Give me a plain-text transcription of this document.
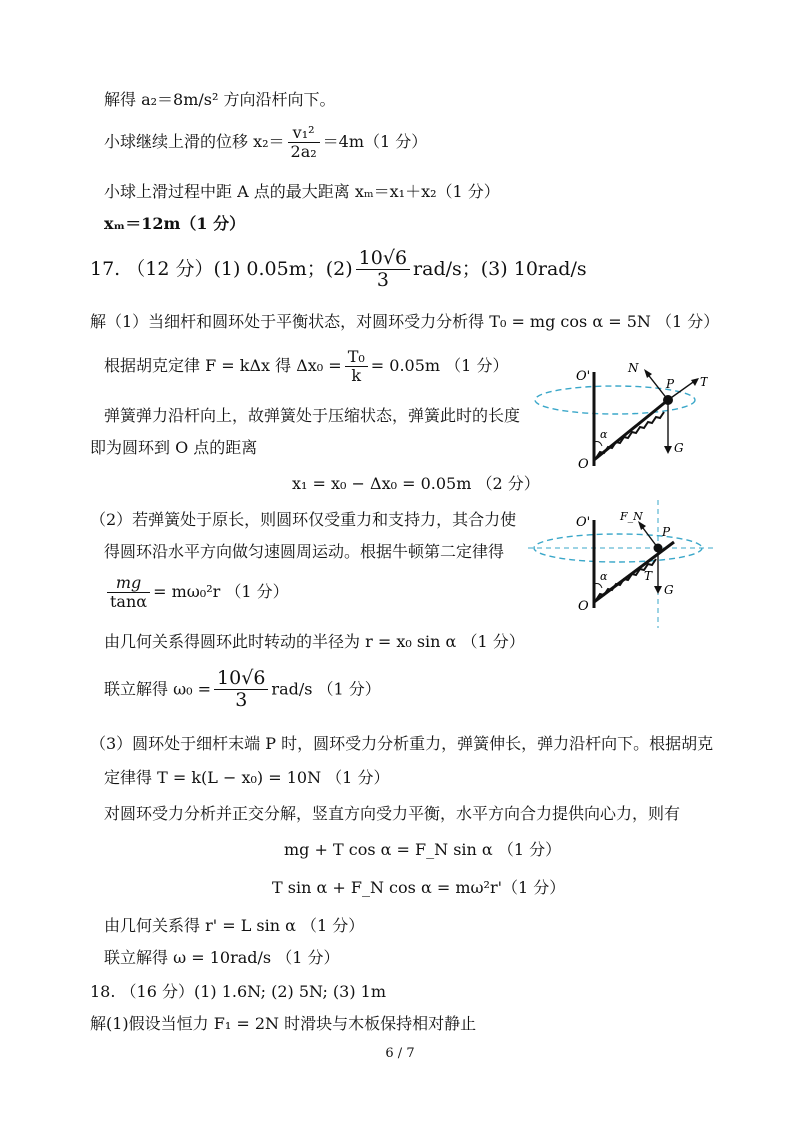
解得 a₂＝8m/s² 方向沿杆向下。
小球继续上滑的位移 $x_2= \frac{\text{v₁²}}{\text{2a₂}} =4m(1$ 分）
小球上滑过程中距 A 点的最大距离 xₘ＝x₁＋x₂（1 分）
xₘ＝12m（1 分）
17. （12 分）(1) 0.05m；$(2) \frac{10√6}{3} rad/s$；(3) 10rad/s
解（1）当细杆和圆环处于平衡状态，对圆环受力分析得 T₀ = mg cos α = 5N （1 分）
根据胡克定律 F = kΔx 得 $\Delta x_0 = \frac{\text{T₀}}{k} = 0.05m$ （1 分）
弹簧弹力沿杆向上，故弹簧处于压缩状态，弹簧此时的长度
即为圆环到 O 点的距离
x₁ = x₀ − Δx₀ = 0.05m （2 分）
（2）若弹簧处于原长，则圆环仅受重力和支持力，其合力使
得圆环沿水平方向做匀速圆周运动。根据牛顿第二定律得
$\frac{mg}{\tan\alpha} = m\omega_0^2r$ （1 分）
由几何关系得圆环此时转动的半径为 r = x₀ sin α （1 分）
联立解得 $\omega_0 = \frac{10√6}{3} rad/s$ （1 分）
（3）圆环处于细杆末端 P 时，圆环受力分析重力，弹簧伸长，弹力沿杆向下。根据胡克
定律得 T = k(L − x₀) = 10N （1 分）
对圆环受力分析并正交分解，竖直方向受力平衡，水平方向合力提供向心力，则有
mg + T cos α = F_N sin α （1 分）
T sin α + F_N cos α = mω²r'（1 分）
由几何关系得 r' = L sin α （1 分）
联立解得 ω = 10rad/s （1 分）
18. （16 分）(1) 1.6N; (2) 5N; (3) 1m
解(1)假设当恒力 F₁ = 2N 时滑块与木板保持相对静止
6 / 7
O'
O
N
P T
G
α
O'
O
F_N
P
T
G
α
